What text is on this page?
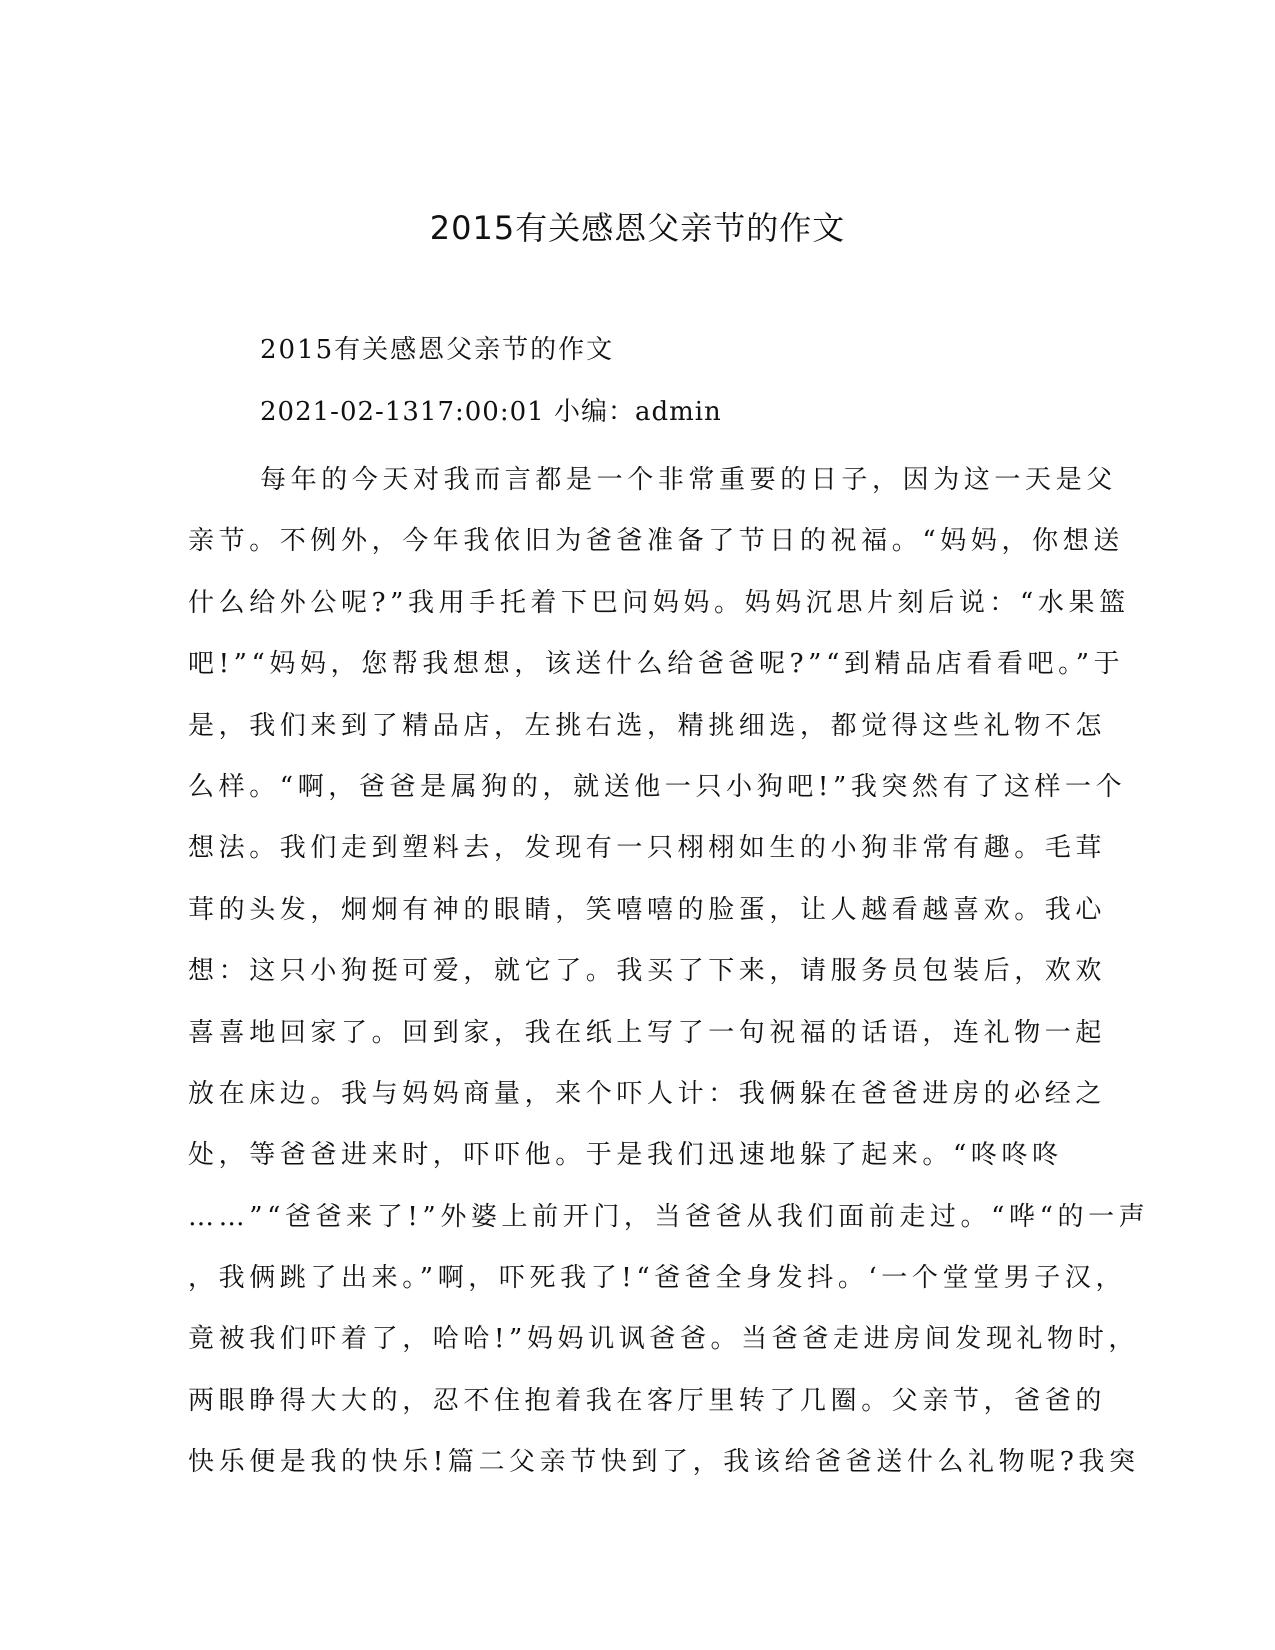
2015有关感恩父亲节的作文

2015有关感恩父亲节的作文

2021-02-1317:00:01 小编：admin

每年的今天对我而言都是一个非常重要的日子，因为这一天是父
亲节。不例外，今年我依旧为爸爸准备了节日的祝福。“妈妈，你想送
什么给外公呢?”我用手托着下巴问妈妈。妈妈沉思片刻后说：“水果篮
吧!”“妈妈，您帮我想想，该送什么给爸爸呢?”“到精品店看看吧。”于
是，我们来到了精品店，左挑右选，精挑细选，都觉得这些礼物不怎
么样。“啊，爸爸是属狗的，就送他一只小狗吧!”我突然有了这样一个
想法。我们走到塑料去，发现有一只栩栩如生的小狗非常有趣。毛茸
茸的头发，炯炯有神的眼睛，笑嘻嘻的脸蛋，让人越看越喜欢。我心
想：这只小狗挺可爱，就它了。我买了下来，请服务员包装后，欢欢
喜喜地回家了。回到家，我在纸上写了一句祝福的话语，连礼物一起
放在床边。我与妈妈商量，来个吓人计：我俩躲在爸爸进房的必经之
处，等爸爸进来时，吓吓他。于是我们迅速地躲了起来。“咚咚咚
……”“爸爸来了!”外婆上前开门，当爸爸从我们面前走过。“哗“的一声
，我俩跳了出来。”啊，吓死我了!“爸爸全身发抖。‘一个堂堂男子汉，
竟被我们吓着了，哈哈!”妈妈讥讽爸爸。当爸爸走进房间发现礼物时，
两眼睁得大大的，忍不住抱着我在客厅里转了几圈。父亲节，爸爸的
快乐便是我的快乐!篇二父亲节快到了，我该给爸爸送什么礼物呢?我突
